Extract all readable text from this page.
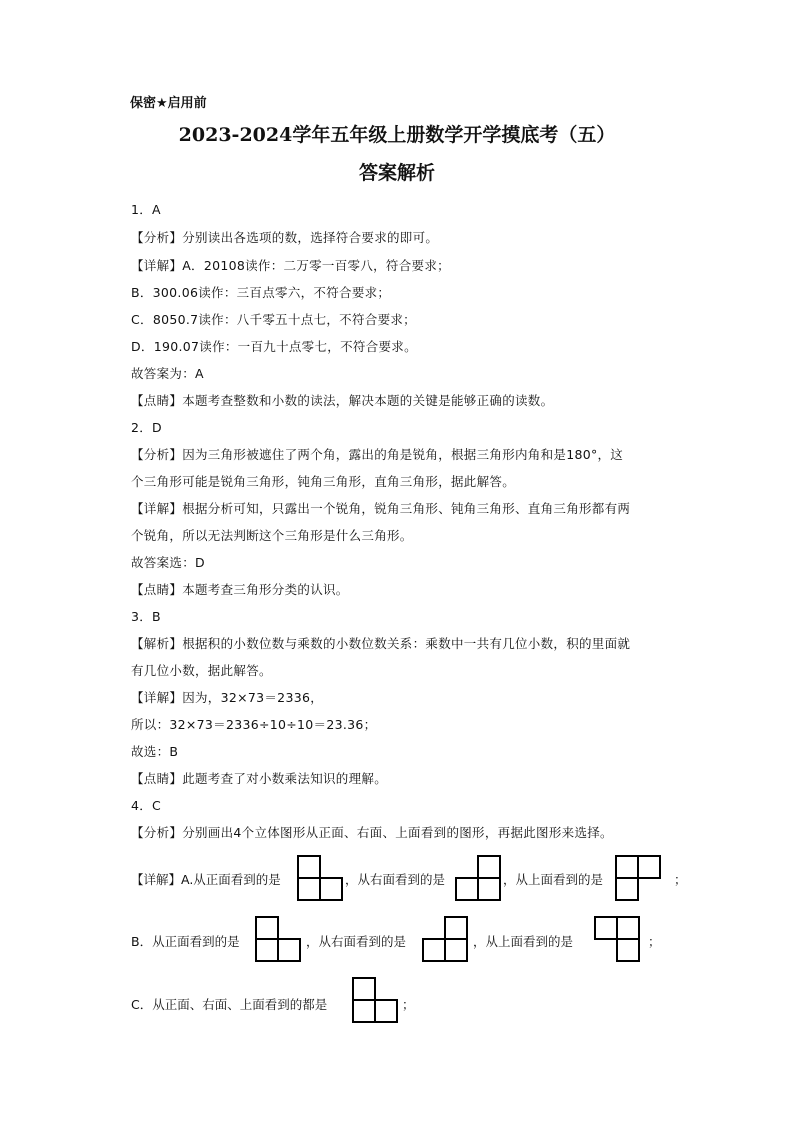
保密★启用前
2023-2024学年五年级上册数学开学摸底考（五）
答案解析
1．A
【分析】分别读出各选项的数，选择符合要求的即可。
【详解】A．20108读作：二万零一百零八，符合要求；
B．300.06读作：三百点零六，不符合要求；
C．8050.7读作：八千零五十点七，不符合要求；
D．190.07读作：一百九十点零七，不符合要求。
故答案为：A
【点睛】本题考查整数和小数的读法，解决本题的关键是能够正确的读数。
2．D
【分析】因为三角形被遮住了两个角，露出的角是锐角，根据三角形内角和是180°，这
个三角形可能是锐角三角形，钝角三角形，直角三角形，据此解答。
【详解】根据分析可知，只露出一个锐角，锐角三角形、钝角三角形、直角三角形都有两
个锐角，所以无法判断这个三角形是什么三角形。
故答案选：D
【点睛】本题考查三角形分类的认识。
3．B
【解析】根据积的小数位数与乘数的小数位数关系：乘数中一共有几位小数，积的里面就
有几位小数，据此解答。
【详解】因为，32×73＝2336，
所以：32×73＝2336÷10÷10＝23.36；
故选：B
【点睛】此题考查了对小数乘法知识的理解。
4．C
【分析】分别画出4个立体图形从正面、右面、上面看到的图形，再据此图形来选择。
【详解】A.从正面看到的是	，从右面看到的是	，从上面看到的是	；
B．从正面看到的是	，从右面看到的是	，从上面看到的是	；
C．从正面、右面、上面看到的都是	；
